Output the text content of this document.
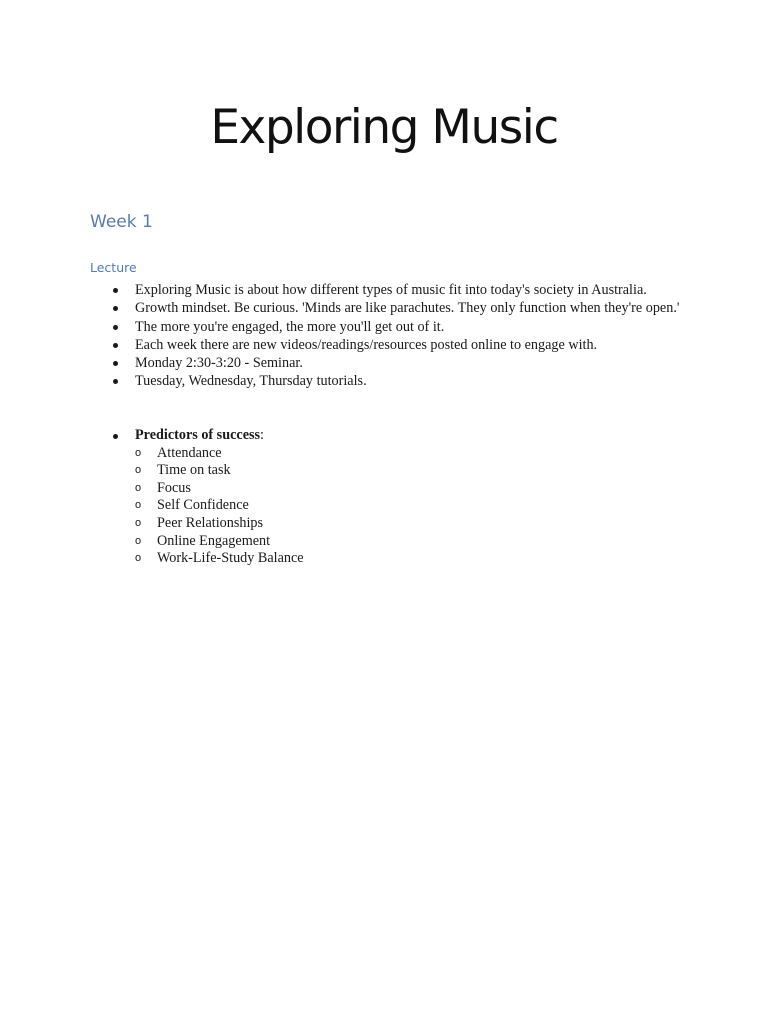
Exploring Music
Week 1
Lecture
Exploring Music is about how different types of music fit into today's society in Australia.
Growth mindset. Be curious. 'Minds are like parachutes. They only function when they're open.'
The more you're engaged, the more you'll get out of it.
Each week there are new videos/readings/resources posted online to engage with.
Monday 2:30-3:20 - Seminar.
Tuesday, Wednesday, Thursday tutorials.
Predictors of success:
o Attendance
o Time on task
o Focus
o Self Confidence
o Peer Relationships
o Online Engagement
o Work-Life-Study Balance
